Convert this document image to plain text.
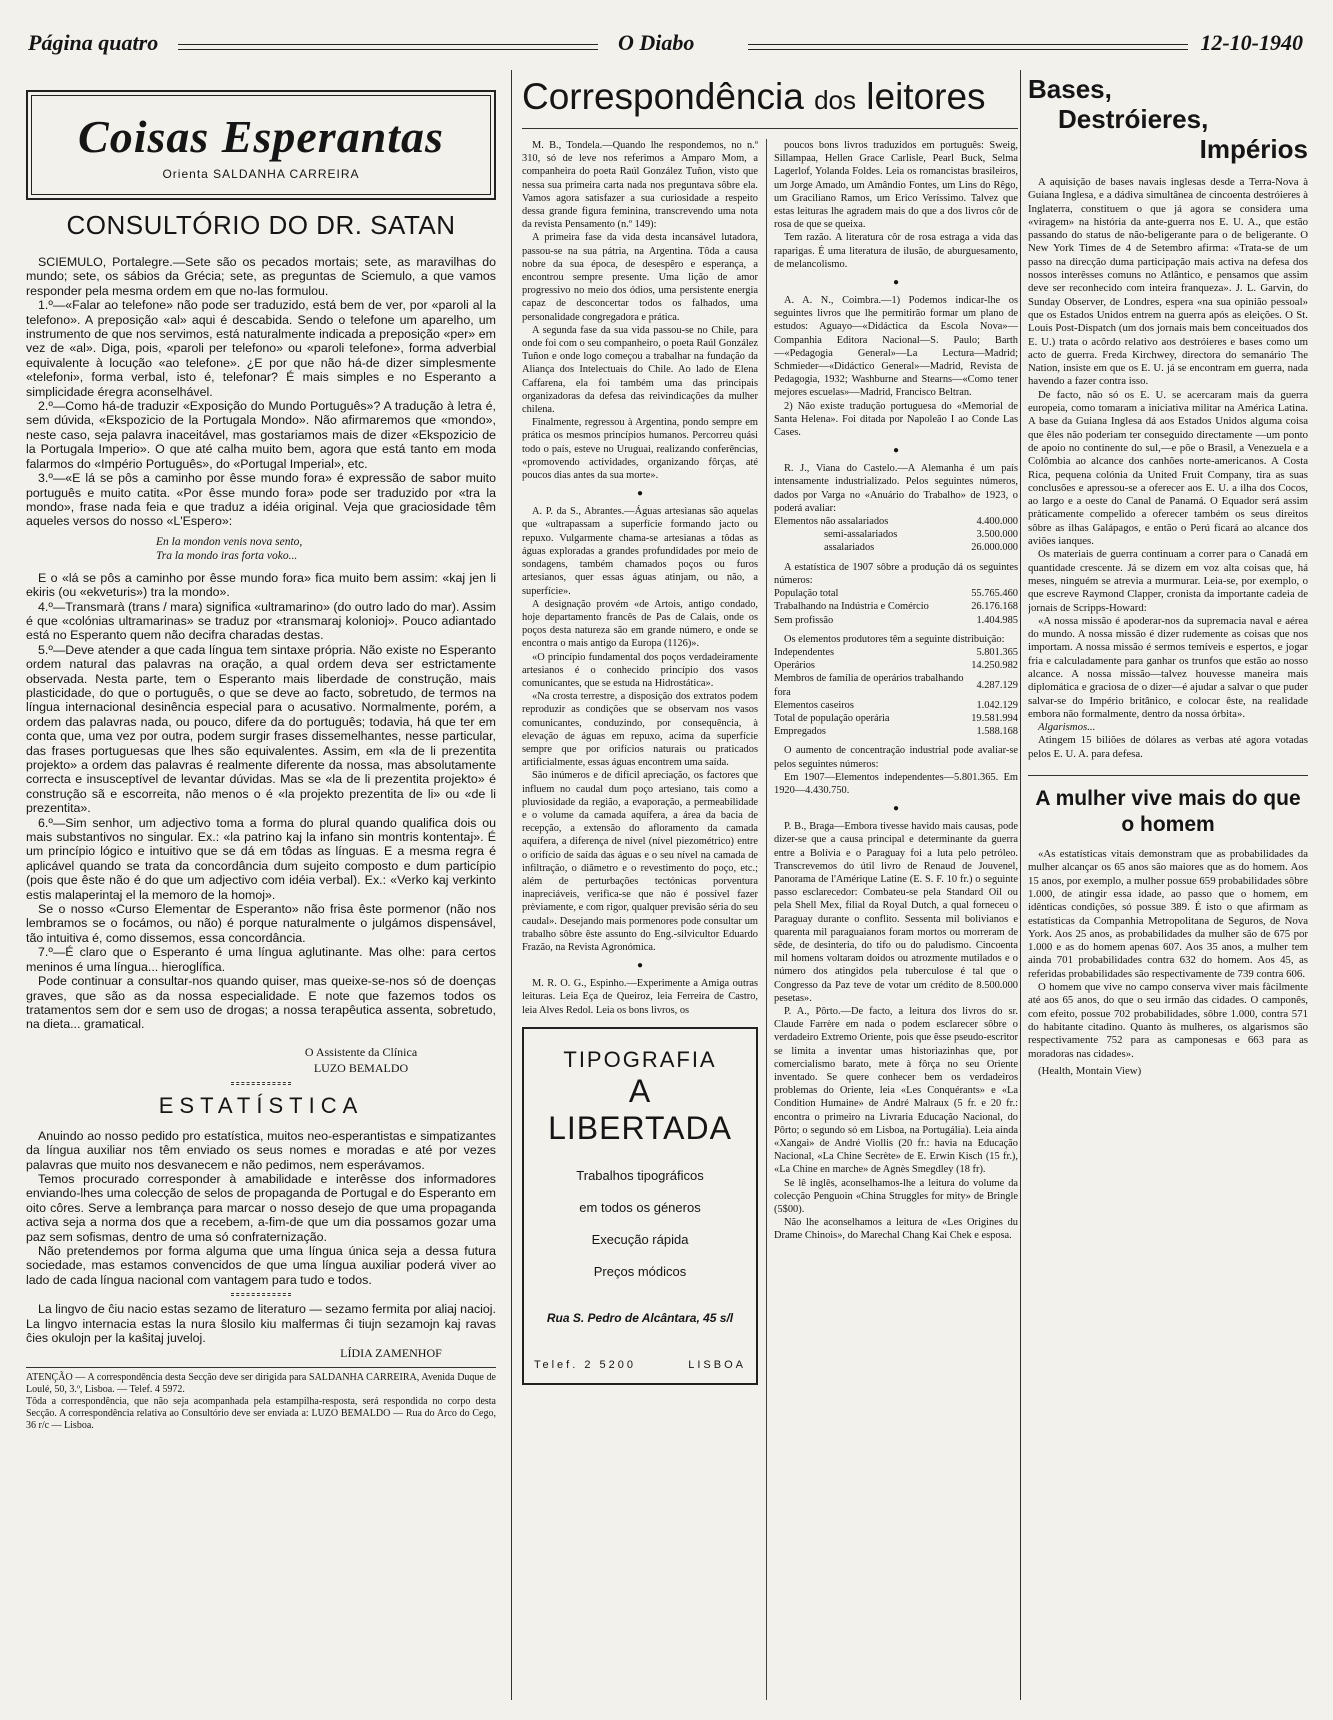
Página quatro	O Diabo	12-10-1940
Coisas Esperantas
Orienta SALDANHA CARREIRA
CONSULTÓRIO DO DR. SATAN

SCIEMULO, Portalegre.—Sete são os pecados mortais; sete, as maravilhas do mundo; sete, os sábios da Grécia; sete, as preguntas de Sciemulo, a que vamos responder pela mesma ordem em que no-las formulou.

1.º—«Falar ao telefone» não pode ser traduzido, está bem de ver, por «paroli al la telefono». A preposição «al» aqui é descabida. Sendo o telefone um aparelho, um instrumento de que nos servimos, está naturalmente indicada a preposição «per» em vez de «al». Diga, pois, «paroli per telefono» ou «paroli telefone», forma adverbial equivalente à locução «ao telefone». ¿E por que não há-de dizer simplesmente «telefoni», forma verbal, isto é, telefonar? É mais simples e no Esperanto a simplicidade éregra aconselhável.

2.º—Como há-de traduzir «Exposição do Mundo Português»? A tradução à letra é, sem dúvida, «Ekspozicio de la Portugala Mondo». Não afirmaremos que «mondo», neste caso, seja palavra inaceitável, mas gostariamos mais de dizer «Ekspozicio de la Portugala Imperio». O que até calha muito bem, agora que está tanto em moda falarmos do «Império Português», do «Portugal Imperial», etc.

3.º—«E lá se pôs a caminho por êsse mundo fora» é expressão de sabor muito português e muito catita. «Por êsse mundo fora» pode ser traduzido por «tra la mondo», frase nada feia e que traduz a idéia original. Veja que graciosidade têm aqueles versos do nosso «L'Espero»:

En la mondon venis nova sento,
Tra la mondo iras forta voko...

E o «lá se pôs a caminho por êsse mundo fora» fica muito bem assim: «kaj jen li ekiris (ou «ekveturis») tra la mondo».

4.º—Transmarà (trans / mara) significa «ultramarino» (do outro lado do mar). Assim é que «colónias ultramarinas» se traduz por «transmaraj kolonioj». Pouco adiantado está no Esperanto quem não decifra charadas destas.

5.º—Deve atender a que cada língua tem sintaxe própria. Não existe no Esperanto ordem natural das palavras na oração, a qual ordem deva ser estrictamente observada. Nesta parte, tem o Esperanto mais liberdade de construção, mais plasticidade, do que o português, o que se deve ao facto, sobretudo, de termos na língua internacional desinência especial para o acusativo. Normalmente, porém, a ordem das palavras nada, ou pouco, difere da do português; todavia, há que ter em conta que, uma vez por outra, podem surgir frases dissemelhantes, nesse particular, das frases portuguesas que lhes são equivalentes. Assim, em «la de li prezentita projekto» a ordem das palavras é realmente diferente da nossa, mas absolutamente correcta e insusceptível de levantar dúvidas. Mas se «la de li prezentita projekto» é construção sã e escorreita, não menos o é «la projekto prezentita de li» ou «de li prezentita».

6.º—Sim senhor, um adjectivo toma a forma do plural quando qualifica dois ou mais substantivos no singular. Ex.: «la patrino kaj la infano sin montris kontentaj». É um princípio lógico e intuitivo que se dá em tôdas as línguas. E a mesma regra é aplicável quando se trata da concordância dum sujeito composto e dum particípio (pois que êste não é do que um adjectivo com idéia verbal). Ex.: «Verko kaj verkinto estis malaperintaj el la memoro de la homoj».

Se o nosso «Curso Elementar de Esperanto» não frisa êste pormenor (não nos lembramos se o focámos, ou não) é porque naturalmente o julgámos dispensável, tão intuitiva é, como dissemos, essa concordância.

7.º—É claro que o Esperanto é uma língua aglutinante. Mas olhe: para certos meninos é uma língua... hieroglífica.

Pode continuar a consultar-nos quando quiser, mas queixe-se-nos só de doenças graves, que são as da nossa especialidade. E note que fazemos todos os tratamentos sem dor e sem uso de drogas; a nossa terapêutica assenta, sobretudo, na dieta... gramatical.

O Assistente da Clínica
LUZO BEMALDO
ESTATÍSTICA

Anuindo ao nosso pedido pro estatística, muitos neo-esperantistas e simpatizantes da língua auxiliar nos têm enviado os seus nomes e moradas e até por vezes palavras que muito nos desvanecem e não pedimos, nem esperávamos.

Temos procurado corresponder à amabilidade e interêsse dos informadores enviando-lhes uma colecção de selos de propaganda de Portugal e do Esperanto em oito côres. Serve a lembrança para marcar o nosso desejo de que uma propaganda activa seja a norma dos que a recebem, a-fim-de que um dia possamos gozar uma paz sem sofismas, dentro de uma só confraternização.

Não pretendemos por forma alguma que uma língua única seja a dessa futura sociedade, mas estamos convencidos de que uma língua auxiliar poderá viver ao lado de cada língua nacional com vantagem para tudo e todos.

La lingvo de ĉiu nacio estas sezamo de literaturo — sezamo fermita por aliaj nacioj. La lingvo internacia estas la nura ŝlosilo kiu malfermas ĉi tiujn sezamojn kaj ravas ĉies okulojn per la kaŝitaj juveloj.

LÍDIA ZAMENHOF

ATENÇÃO — A correspondência desta Secção deve ser dirigida para SALDANHA CARREIRA, Avenida Duque de Loulé, 50, 3.º, Lisboa. — Telef. 4 5972.

Tôda a correspondência, que não seja acompanhada pela estampilha-resposta, será respondida no corpo desta Secção. A correspondência relativa ao Consultório deve ser enviada a: LUZO BEMALDO — Rua do Arco do Cego, 36 r/c — Lisboa.

Correspondência dos leitores

M. B., Tondela.—Quando lhe respondemos, no n.º 310, só de leve nos referimos a Amparo Mom, a companheira do poeta Raúl González Tuñon, visto que nessa sua primeira carta nada nos preguntava sôbre ela. Vamos agora satisfazer a sua curiosidade a respeito dessa grande figura feminina, transcrevendo uma nota da revista Pensamento (n.º 149):

A primeira fase da vida desta incansável lutadora, passou-se na sua pátria, na Argentina. Tôda a causa nobre da sua época, de desespêro e esperança, a encontrou sempre presente. Uma lição de amor progressivo no meio dos ódios, uma persistente energia capaz de desconcertar todos os falhados, uma personalidade congregadora e prática.

A segunda fase da sua vida passou-se no Chile, para onde foi com o seu companheiro, o poeta Raúl González Tuñon e onde logo começou a trabalhar na fundação da Aliança dos Intelectuais do Chile. Ao lado de Elena Caffarena, ela foi também uma das principais organizadoras da defesa das reivindicações da mulher chilena.

Finalmente, regressou à Argentina, pondo sempre em prática os mesmos princípios humanos. Percorreu quási todo o país, esteve no Uruguai, realizando conferências, «promovendo actividades, organizando fôrças, até poucos dias antes da sua morte».

●

A. P. da S., Abrantes.—Águas artesianas são aquelas que «ultrapassam a superfície formando jacto ou repuxo. Vulgarmente chama-se artesianas a tôdas as águas exploradas a grandes profundidades por meio de sondagens, também chamados poços ou furos artesianos, quer essas águas atinjam, ou não, a superfície».

A designação provém «de Artois, antigo condado, hoje departamento francês de Pas de Calais, onde os poços desta natureza são em grande número, e onde se encontra o mais antigo da Europa (1126)».

«O princípio fundamental dos poços verdadeiramente artesianos é o conhecido princípio dos vasos comunicantes, que se estuda na Hidrostática».

«Na crosta terrestre, a disposição dos extratos podem reproduzir as condições que se observam nos vasos comunicantes, conduzindo, por consequência, à elevação de águas em repuxo, acima da superfície sempre que por orifícios naturais ou praticados artificialmente, essas águas encontrem uma saída.

São inúmeros e de difícil apreciação, os factores que influem no caudal dum poço artesiano, tais como a pluviosidade da região, a evaporação, a permeabilidade e o volume da camada aquífera, a área da bacia de recepção, a extensão do afloramento da camada aquífera, a diferença de nível (nível piezométrico) entre o orifício de saída das águas e o seu nível na camada de infiltração, o diâmetro e o revestimento do poço, etc.; além de perturbações tectónicas porventura inapreciáveis, verifica-se que não é possível fazer prèviamente, e com rigor, qualquer previsão séria do seu caudal». Desejando mais pormenores pode consultar um trabalho sôbre êste assunto do Eng.-silvicultor Eduardo Frazão, na Revista Agronómica.

●

M. R. O. G., Espinho.—Experimente a Amiga outras leituras. Leia Eça de Queiroz, leia Ferreira de Castro, leia Alves Redol. Leia os bons livros, os

TIPOGRAFIA
A LIBERTADA
Trabalhos tipográficos
em todos os géneros
Execução rápida
Preços módicos
Rua S. Pedro de Alcântara, 45 s/l
Telef. 2 5200	LISBOA

poucos bons livros traduzidos em português: Sweig, Sillampaa, Hellen Grace Carlisle, Pearl Buck, Selma Lagerlof, Yolanda Foldes. Leia os romancistas brasileiros, um Jorge Amado, um Amândio Fontes, um Lins do Rêgo, um Graciliano Ramos, um Erico Veríssimo. Talvez que estas leituras lhe agradem mais do que a dos livros côr de rosa de que se queixa.

Tem razão. A literatura côr de rosa estraga a vida das raparigas. É uma literatura de ilusão, de aburguesamento, de melancolismo.

●

A. A. N., Coimbra.—1) Podemos indicar-lhe os seguintes livros que lhe permitirão formar um plano de estudos: Aguayo—«Didáctica da Escola Nova»—Companhia Editora Nacional—S. Paulo; Barth—«Pedagogia General»—La Lectura—Madrid; Schmieder—«Didáctico General»—Madrid, Revista de Pedagogia, 1932; Washburne and Stearns—«Como tener mejores escuelas»—Madrid, Francisco Beltran.

2) Não existe tradução portuguesa do «Memorial de Santa Helena». Foi ditada por Napoleão I ao Conde Las Cases.

●

R. J., Viana do Castelo.—A Alemanha é um país intensamente industrializado. Pelos seguintes números, dados por Varga no «Anuário do Trabalho» de 1923, o poderá avaliar:

Elementos não assalariados	4.400.000
semi-assalariados	3.500.000
assalariados	26.000.000

A estatística de 1907 sôbre a produção dá os seguintes números:

População total	55.765.460
Trabalhando na Indústria e Comércio	26.176.168
Sem profissão	1.404.985

Os elementos produtores têm a seguinte distribuição:

Independentes	5.801.365
Operários	14.250.982
Membros de família de operários trabalhando fora	4.287.129
Elementos caseiros	1.042.129
Total de população operária	19.581.994
Empregados	1.588.168

O aumento de concentração industrial pode avaliar-se pelos seguintes números:

Em 1907—Elementos independentes—5.801.365. Em 1920—4.430.750.

●

P. B., Braga—Embora tivesse havido mais causas, pode dizer-se que a causa principal e determinante da guerra entre a Bolívia e o Paraguay foi a luta pelo petróleo. Transcrevemos do útil livro de Renaud de Jouvenel, Panorama de l'Amérique Latine (E. S. F. 10 fr.) o seguinte passo esclarecedor: Combateu-se pela Standard Oil ou pela Shell Mex, filial da Royal Dutch, a qual forneceu o Paraguay durante o conflito. Sessenta mil bolivianos e quarenta mil paraguaianos foram mortos ou morreram de sêde, de desinteria, do tifo ou do paludismo. Cincoenta mil homens voltaram doidos ou atrozmente mutilados e o número dos atingidos pela tuberculose é tal que o Congresso da Paz teve de votar um crédito de 8.500.000 pesetas».

P. A., Pôrto.—De facto, a leitura dos livros do sr. Claude Farrère em nada o podem esclarecer sôbre o verdadeiro Extremo Oriente, pois que êsse pseudo-escritor se limita a inventar umas historiazinhas que, por comercialismo barato, mete à fôrça no seu Oriente inventado. Se quere conhecer bem os verdadeiros problemas do Oriente, leia «Les Conquérants» e «La Condition Humaine» de André Malraux (5 fr. e 20 fr.: encontra o primeiro na Livraria Educação Nacional, do Pôrto; o segundo só em Lisboa, na Portugália). Leia ainda «Xangai» de André Viollis (20 fr.: havia na Educação Nacional, «La Chine Secrète» de E. Erwin Kisch (15 fr.), «La Chine en marche» de Agnès Smegdley (18 fr).

Se lê inglês, aconselhamos-lhe a leitura do volume da colecção Penguoin «China Struggles for mity» de Bringle (5$00).

Não lhe aconselhamos a leitura de «Les Origines du Drame Chinois», do Marechal Chang Kai Chek e esposa.

Bases,
Destróieres,
Impérios

A aquisição de bases navais inglesas desde a Terra-Nova à Guiana Inglesa, e a dádiva simultânea de cincoenta destróieres à Inglaterra, constituem o que já agora se considera uma «viragem» na história da ante-guerra nos E. U. A., que estão passando do status de não-beligerante para o de beligerante. O New York Times de 4 de Setembro afirma: «Trata-se de um passo na direcção duma participação mais activa na defesa dos nossos interêsses comuns no Atlântico, e pensamos que assim deve ser reconhecido com inteira franqueza». J. L. Garvin, do Sunday Observer, de Londres, espera «na sua opinião pessoal» que os Estados Unidos entrem na guerra após as eleições. O St. Louis Post-Dispatch (um dos jornais mais bem conceituados dos E. U.) trata o acôrdo relativo aos destróieres e bases como um acto de guerra. Freda Kirchwey, directora do semanário The Nation, insiste em que os E. U. já se encontram em guerra, nada havendo a fazer contra isso.

De facto, não só os E. U. se acercaram mais da guerra europeia, como tomaram a iniciativa militar na América Latina. A base da Guiana Inglesa dá aos Estados Unidos alguma coisa que êles não poderiam ter conseguido directamente —um ponto de apoio no continente do sul,—e põe o Brasil, a Venezuela e a Colômbia ao alcance dos canhões norte-americanos. A Costa Rica, pequena colónia da United Fruit Company, tira as suas conclusões e apressou-se a oferecer aos E. U. a ilha dos Cocos, ao largo e a oeste do Canal de Panamá. O Equador será assim pràticamente compelido a oferecer também os seus direitos sôbre as ilhas Galápagos, e então o Perú ficará ao alcance dos aviões ianques.

Os materiais de guerra continuam a correr para o Canadá em quantidade crescente. Já se dizem em voz alta coisas que, há meses, ninguém se atrevia a murmurar. Leia-se, por exemplo, o que escreve Raymond Clapper, cronista da importante cadeia de jornais de Scripps-Howard:

«A nossa missão é apoderar-nos da supremacia naval e aérea do mundo. A nossa missão é dizer rudemente as coisas que nos importam. A nossa missão é sermos temíveis e espertos, e jogar fria e calculadamente para ganhar os trunfos que estão ao nosso alcance. A nossa missão—talvez houvesse maneira mais diplomática e graciosa de o dizer—é ajudar a salvar o que puder salvar-se do Império britânico, e colocar êste, na realidade embora não formalmente, dentro da nossa órbita».

Algarismos...

Atingem 15 biliões de dólares as verbas até agora votadas pelos E. U. A. para defesa.

A mulher vive mais do que o homem

«As estatísticas vitais demonstram que as probabilidades da mulher alcançar os 65 anos são maiores que as do homem. Aos 15 anos, por exemplo, a mulher possue 659 probabilidades sôbre 1.000, de atingir essa idade, ao passo que o homem, em idênticas condições, só possue 389. É isto o que afirmam as estatísticas da Companhia Metropolitana de Seguros, de Nova York. Aos 25 anos, as probabilidades da mulher são de 675 por 1.000 e as do homem apenas 607. Aos 35 anos, a mulher tem ainda 701 probabilidades contra 632 do homem. Aos 45, as referidas probabilidades são respectivamente de 739 contra 606.

O homem que vive no campo conserva viver mais fàcilmente até aos 65 anos, do que o seu irmão das cidades. O camponês, com efeito, possue 702 probabilidades, sôbre 1.000, contra 571 do habitante citadino. Quanto às mulheres, os algarismos são respectivamente 752 para as camponesas e 663 para as moradoras nas cidades».

(Health, Montain View)
